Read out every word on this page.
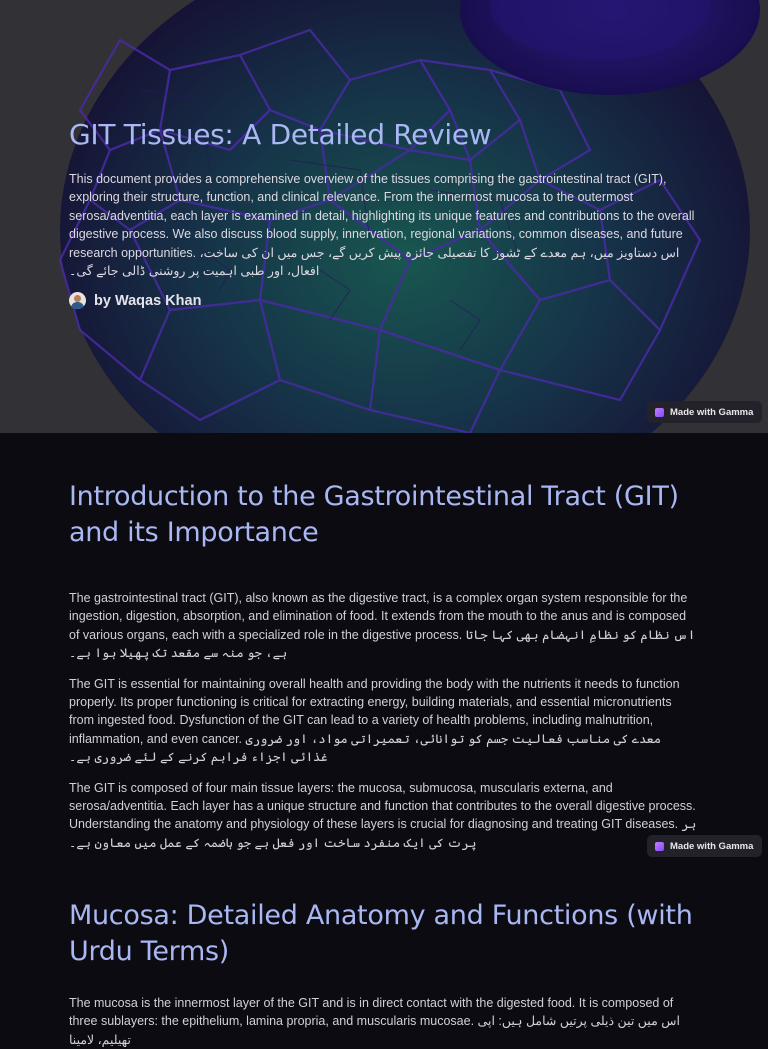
GIT Tissues: A Detailed Review

This document provides a comprehensive overview of the tissues comprising the gastrointestinal tract (GIT), exploring their structure, function, and clinical relevance. From the innermost mucosa to the outermost serosa/adventitia, each layer is examined in detail, highlighting its unique features and contributions to the overall digestive process. We also discuss blood supply, innervation, regional variations, common diseases, and future research opportunities. اس دستاویز میں، ہم معدے کے ٹشوز کا تفصیلی جائزہ پیش کریں گے، جس میں ان کی ساخت، افعال، اور طبی اہمیت پر روشنی ڈالی جائے گی۔

by Waqas Khan
Made with Gamma
Introduction to the Gastrointestinal Tract (GIT) and its Importance

The gastrointestinal tract (GIT), also known as the digestive tract, is a complex organ system responsible for the ingestion, digestion, absorption, and elimination of food. It extends from the mouth to the anus and is composed of various organs, each with a specialized role in the digestive process. اس نظام کو نظامِ انہضام بھی کہا جاتا ہے، جو منہ سے مقعد تک پھیلا ہوا ہے۔

The GIT is essential for maintaining overall health and providing the body with the nutrients it needs to function properly. Its proper functioning is critical for extracting energy, building materials, and essential micronutrients from ingested food. Dysfunction of the GIT can lead to a variety of health problems, including malnutrition, inflammation, and even cancer. معدے کی مناسب فعالیت جسم کو توانائی، تعمیراتی مواد، اور ضروری غذائی اجزاء فراہم کرنے کے لئے ضروری ہے۔

The GIT is composed of four main tissue layers: the mucosa, submucosa, muscularis externa, and serosa/adventitia. Each layer has a unique structure and function that contributes to the overall digestive process. Understanding the anatomy and physiology of these layers is crucial for diagnosing and treating GIT diseases. ہر پرت کی ایک منفرد ساخت اور فعل ہے جو ہاضمہ کے عمل میں معاون ہے۔	Made with Gamma
Mucosa: Detailed Anatomy and Functions (with Urdu Terms)

The mucosa is the innermost layer of the GIT and is in direct contact with the digested food. It is composed of three sublayers: the epithelium, lamina propria, and muscularis mucosae. اس میں تین ذیلی پرتیں شامل ہیں: اپی تھیلیم، لامینا
